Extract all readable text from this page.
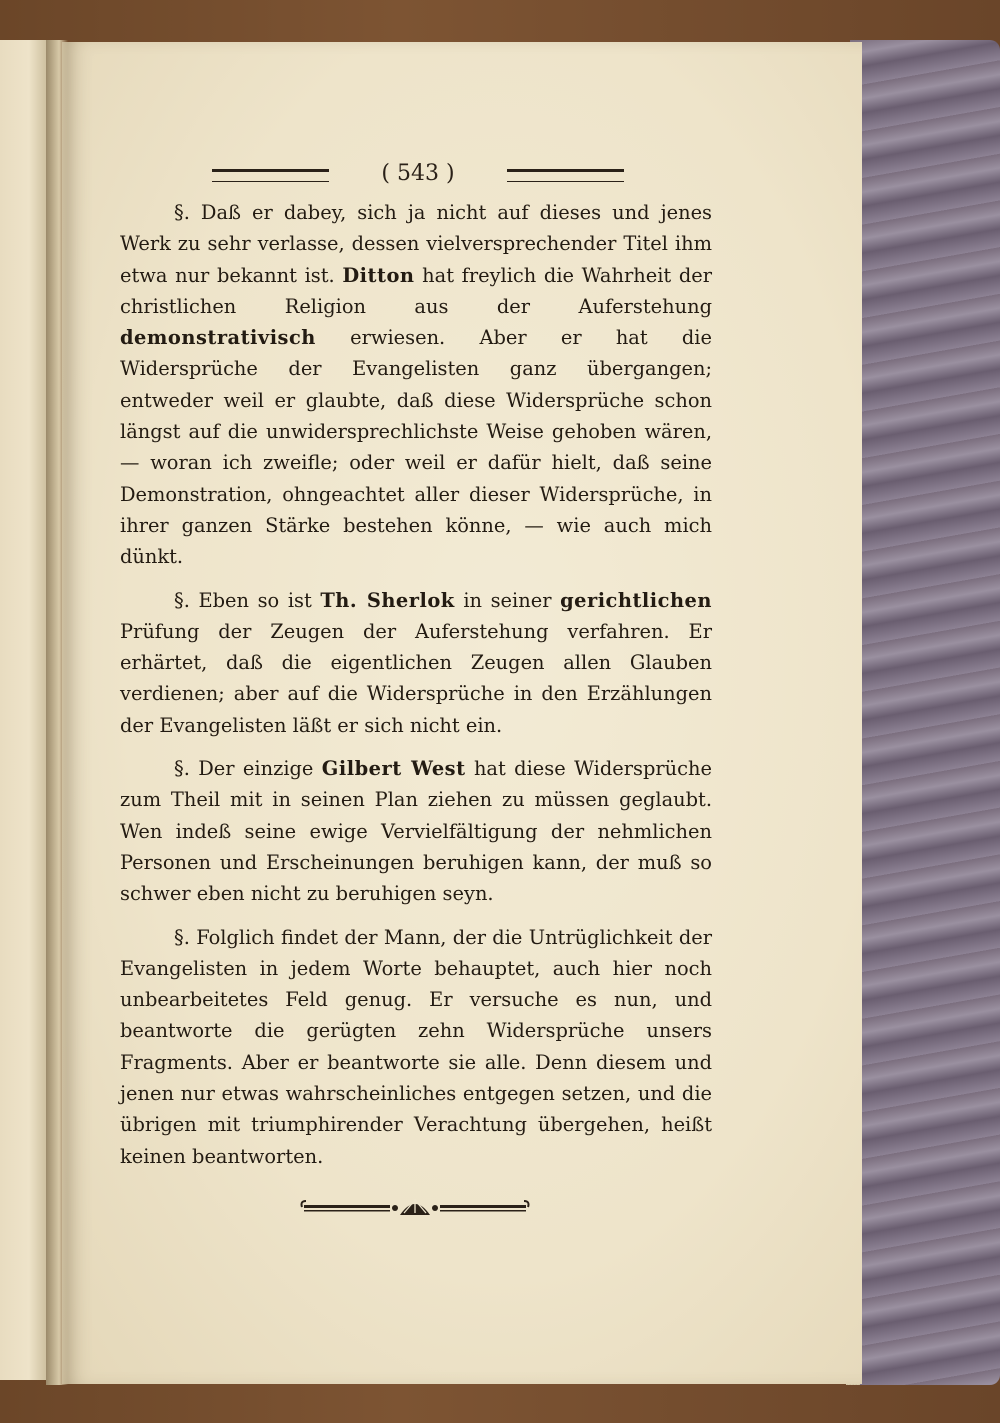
( 543 )

§. Daß er dabey, sich ja nicht auf dieses und jenes Werk zu sehr verlasse, dessen vielversprechender Titel ihm etwa nur bekannt ist. Ditton hat freylich die Wahrheit der christlichen Religion aus der Auferstehung demonstrativisch erwiesen. Aber er hat die Widersprüche der Evangelisten ganz übergangen; entweder weil er glaubte, daß diese Widersprüche schon längst auf die unwidersprechlichste Weise gehoben wären, — woran ich zweifle; oder weil er dafür hielt, daß seine Demonstration, ohngeachtet aller dieser Widersprüche, in ihrer ganzen Stärke bestehen könne, — wie auch mich dünkt.

§. Eben so ist Th. Sherlok in seiner gerichtlichen Prüfung der Zeugen der Auferstehung verfahren. Er erhärtet, daß die eigentlichen Zeugen allen Glauben verdienen; aber auf die Widersprüche in den Erzählungen der Evangelisten läßt er sich nicht ein.

§. Der einzige Gilbert West hat diese Widersprüche zum Theil mit in seinen Plan ziehen zu müssen geglaubt. Wen indeß seine ewige Vervielfältigung der nehmlichen Personen und Erscheinungen beruhigen kann, der muß so schwer eben nicht zu beruhigen seyn.

§. Folglich findet der Mann, der die Untrüglichkeit der Evangelisten in jedem Worte behauptet, auch hier noch unbearbeitetes Feld genug. Er versuche es nun, und beantworte die gerügten zehn Widersprüche unsers Fragments. Aber er beantworte sie alle. Denn diesem und jenen nur etwas wahrscheinliches entgegen setzen, und die übrigen mit triumphirender Verachtung übergehen, heißt keinen beantworten.
